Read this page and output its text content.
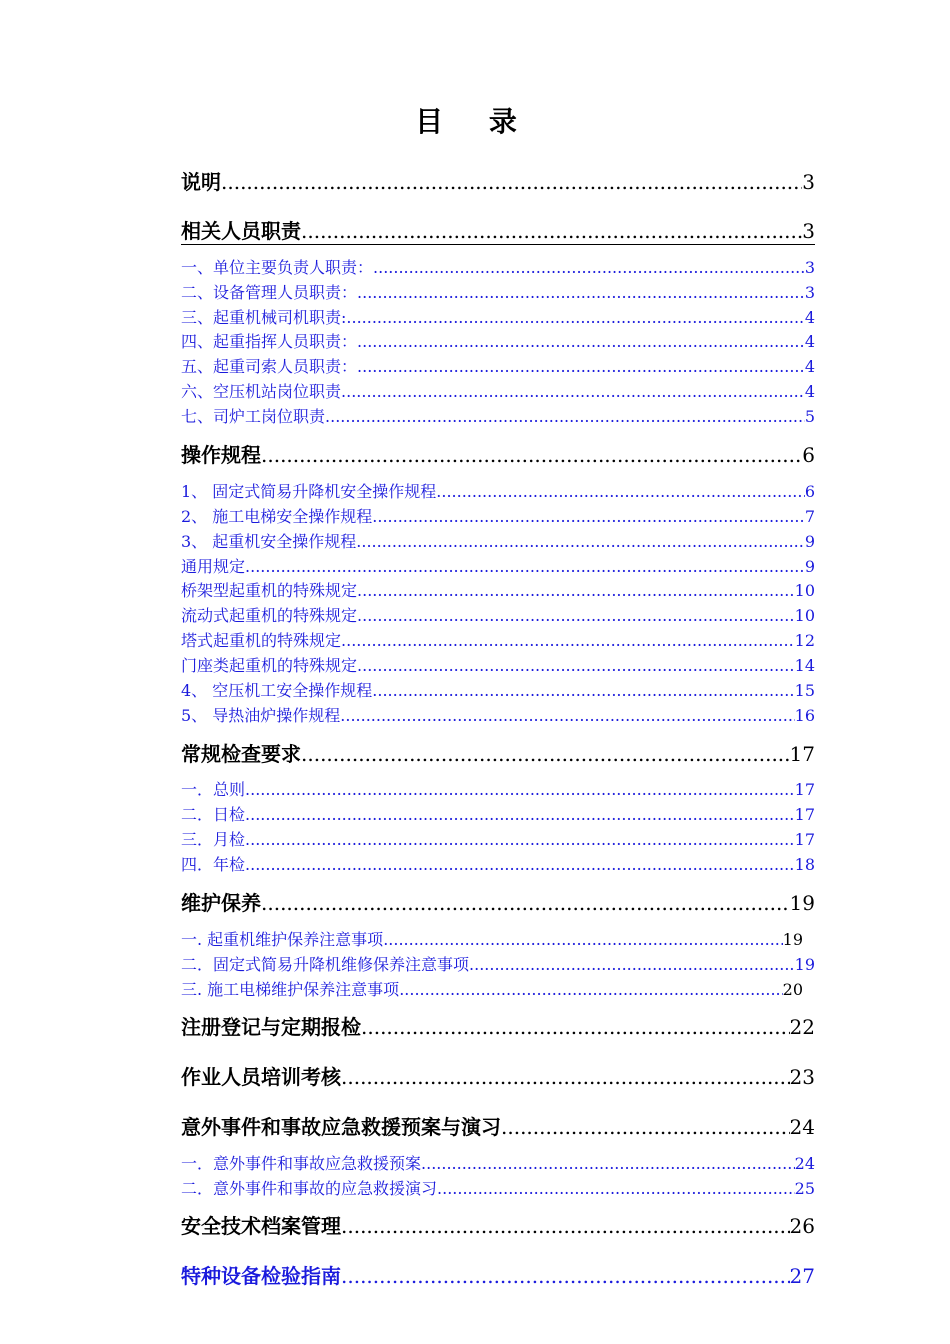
目 录
说明 .....	3
相关人员职责 .....	3
一、单位主要负责人职责： .....	3
二、设备管理人员职责： .....	3
三、起重机械司机职责: .....	4
四、起重指挥人员职责： .....	4
五、起重司索人员职责： .....	4
六、空压机站岗位职责 .....	4
七、司炉工岗位职责 .....	5
操作规程 .....	6
1、 固定式简易升降机安全操作规程 .....	6
2、 施工电梯安全操作规程 .....	7
3、 起重机安全操作规程 .....	9
通用规定 .....	9
桥架型起重机的特殊规定 .....	10
流动式起重机的特殊规定 .....	10
塔式起重机的特殊规定 .....	12
门座类起重机的特殊规定 .....	14
4、 空压机工安全操作规程 .....	15
5、 导热油炉操作规程 .....	16
常规检查要求 .....	17
一．总则 .....	17
二．日检 .....	17
三．月检 .....	17
四．年检 .....	18
维护保养 .....	19
一. 起重机维护保养注意事项 .....	19
二．固定式简易升降机维修保养注意事项 .....	19
三. 施工电梯维护保养注意事项 .....	20
注册登记与定期报检 .....	22
作业人员培训考核 .....	23
意外事件和事故应急救援预案与演习 .....	24
一．意外事件和事故应急救援预案 .....	24
二．意外事件和事故的应急救援演习 .....	25
安全技术档案管理 .....	26
特种设备检验指南 .....	27
